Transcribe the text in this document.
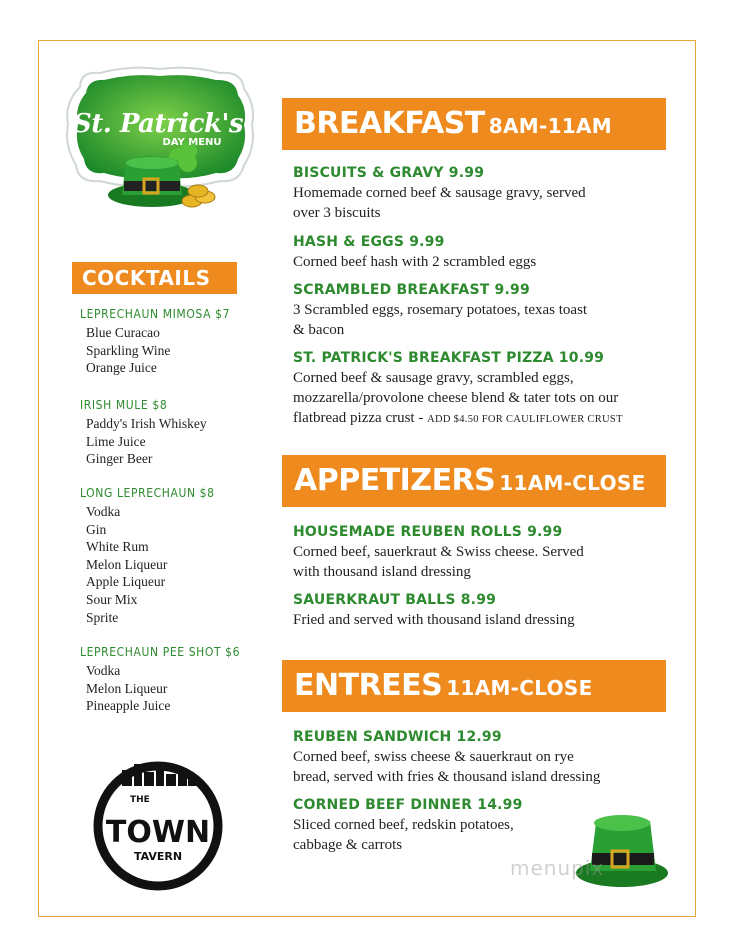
St. Patrick's
DAY MENU
COCKTAILS
LEPRECHAUN MIMOSA $7
Blue Curacao
Sparkling Wine
Orange Juice
IRISH MULE $8
Paddy's Irish Whiskey
Lime Juice
Ginger Beer
LONG LEPRECHAUN $8
Vodka
Gin
White Rum
Melon Liqueur
Apple Liqueur
Sour Mix
Sprite
LEPRECHAUN PEE SHOT $6
Vodka
Melon Liqueur
Pineapple Juice
THE
TOWN
TAVERN
BREAKFAST 8AM-11AM
BISCUITS & GRAVY 9.99
Homemade corned beef & sausage gravy, served
over 3 biscuits
HASH & EGGS 9.99
Corned beef hash with 2 scrambled eggs
SCRAMBLED BREAKFAST 9.99
3 Scrambled eggs, rosemary potatoes, texas toast
& bacon
ST. PATRICK'S BREAKFAST PIZZA 10.99
Corned beef & sausage gravy, scrambled eggs,
mozzarella/provolone cheese blend & tater tots on our
flatbread pizza crust - ADD $4.50 FOR CAULIFLOWER CRUST
APPETIZERS 11AM-CLOSE
HOUSEMADE REUBEN ROLLS 9.99
Corned beef, sauerkraut & Swiss cheese. Served
with thousand island dressing
SAUERKRAUT BALLS 8.99
Fried and served with thousand island dressing
ENTREES 11AM-CLOSE
REUBEN SANDWICH 12.99
Corned beef, swiss cheese & sauerkraut on rye
bread, served with fries & thousand island dressing
CORNED BEEF DINNER 14.99
Sliced corned beef, redskin potatoes,
cabbage & carrots
menupix
